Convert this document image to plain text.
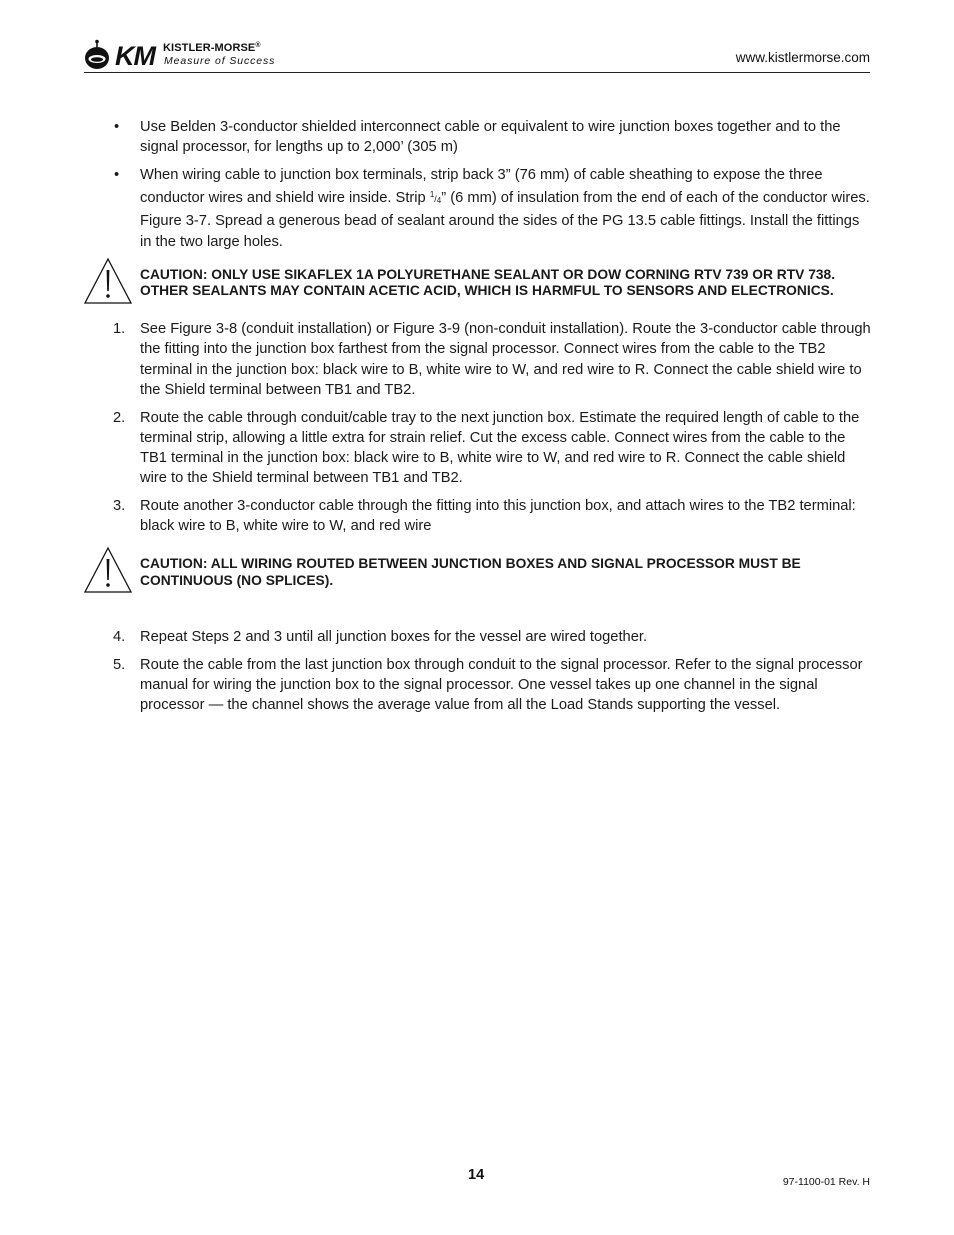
KM KISTLER-MORSE®
Measure of Success	www.kistlermorse.com
• Use Belden 3-conductor shielded interconnect cable or equivalent to wire junction boxes together and to the signal processor, for lengths up to 2,000’ (305 m)
• When wiring cable to junction box terminals, strip back 3” (76 mm) of cable sheathing to expose the three conductor wires and shield wire inside. Strip $^1/_4$” (6 mm) of insulation from the end of each of the conductor wires. Figure 3-7. Spread a generous bead of sealant around the sides of the PG 13.5 cable fittings. Install the fittings in the two large holes.
CAUTION: ONLY USE SIKAFLEX 1A POLYURETHANE SEALANT OR DOW CORNING RTV 739 OR RTV 738. OTHER SEALANTS MAY CONTAIN ACETIC ACID, WHICH IS HARMFUL TO SENSORS AND ELECTRONICS.
1. See Figure 3-8 (conduit installation) or Figure 3-9 (non-conduit installation). Route the 3-conductor cable through the fitting into the junction box farthest from the signal processor. Connect wires from the cable to the TB2 terminal in the junction box: black wire to B, white wire to W, and red wire to R. Connect the cable shield wire to the Shield terminal between TB1 and TB2.
2. Route the cable through conduit/cable tray to the next junction box. Estimate the required length of cable to the terminal strip, allowing a little extra for strain relief. Cut the excess cable. Connect wires from the cable to the TB1 terminal in the junction box: black wire to B, white wire to W, and red wire to R. Connect the cable shield wire to the Shield terminal between TB1 and TB2.
3. Route another 3-conductor cable through the fitting into this junction box, and attach wires to the TB2 terminal: black wire to B, white wire to W, and red wire
CAUTION: ALL WIRING ROUTED BETWEEN JUNCTION BOXES AND SIGNAL PROCESSOR MUST BE CONTINUOUS (NO SPLICES).
4. Repeat Steps 2 and 3 until all junction boxes for the vessel are wired together.
5. Route the cable from the last junction box through conduit to the signal processor. Refer to the signal processor manual for wiring the junction box to the signal processor. One vessel takes up one channel in the signal processor — the channel shows the average value from all the Load Stands supporting the vessel.
14	97-1100-01 Rev. H
